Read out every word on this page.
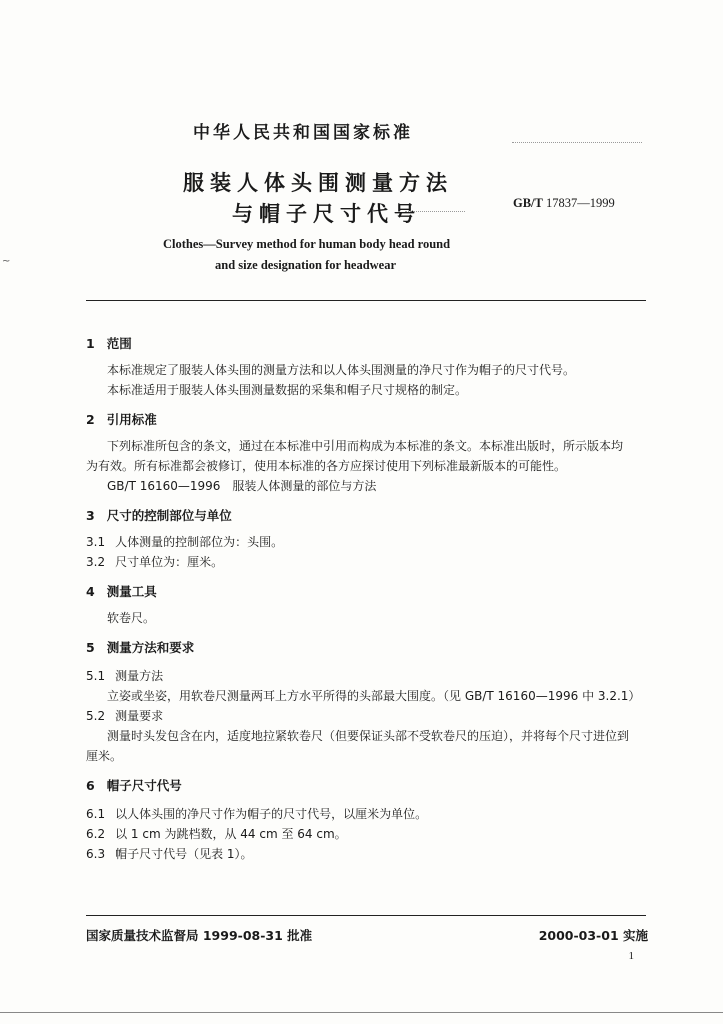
~
中华人民共和国国家标准
服装人体头围测量方法
与帽子尺寸代号	GB/T 17837—1999
Clothes—Survey method for human body head round
and size designation for headwear
1 范围
本标准规定了服装人体头围的测量方法和以人体头围测量的净尺寸作为帽子的尺寸代号。
本标准适用于服装人体头围测量数据的采集和帽子尺寸规格的制定。
2 引用标准
下列标准所包含的条文，通过在本标准中引用而构成为本标准的条文。本标准出版时，所示版本均
为有效。所有标准都会被修订，使用本标准的各方应探讨使用下列标准最新版本的可能性。
GB/T 16160—1996　服装人体测量的部位与方法
3 尺寸的控制部位与单位
3.1 人体测量的控制部位为：头围。
3.2 尺寸单位为：厘米。
4 测量工具
软卷尺。
5 测量方法和要求
5.1 测量方法
立姿或坐姿，用软卷尺测量两耳上方水平所得的头部最大围度。（见 GB/T 16160—1996 中 3.2.1）
5.2 测量要求
测量时头发包含在内，适度地拉紧软卷尺（但要保证头部不受软卷尺的压迫），并将每个尺寸进位到
厘米。
6 帽子尺寸代号
6.1 以人体头围的净尺寸作为帽子的尺寸代号，以厘米为单位。
6.2 以 1 cm 为跳档数，从 44 cm 至 64 cm。
6.3 帽子尺寸代号（见表 1）。
国家质量技术监督局 1999-08-31 批准	2000-03-01 实施
1
